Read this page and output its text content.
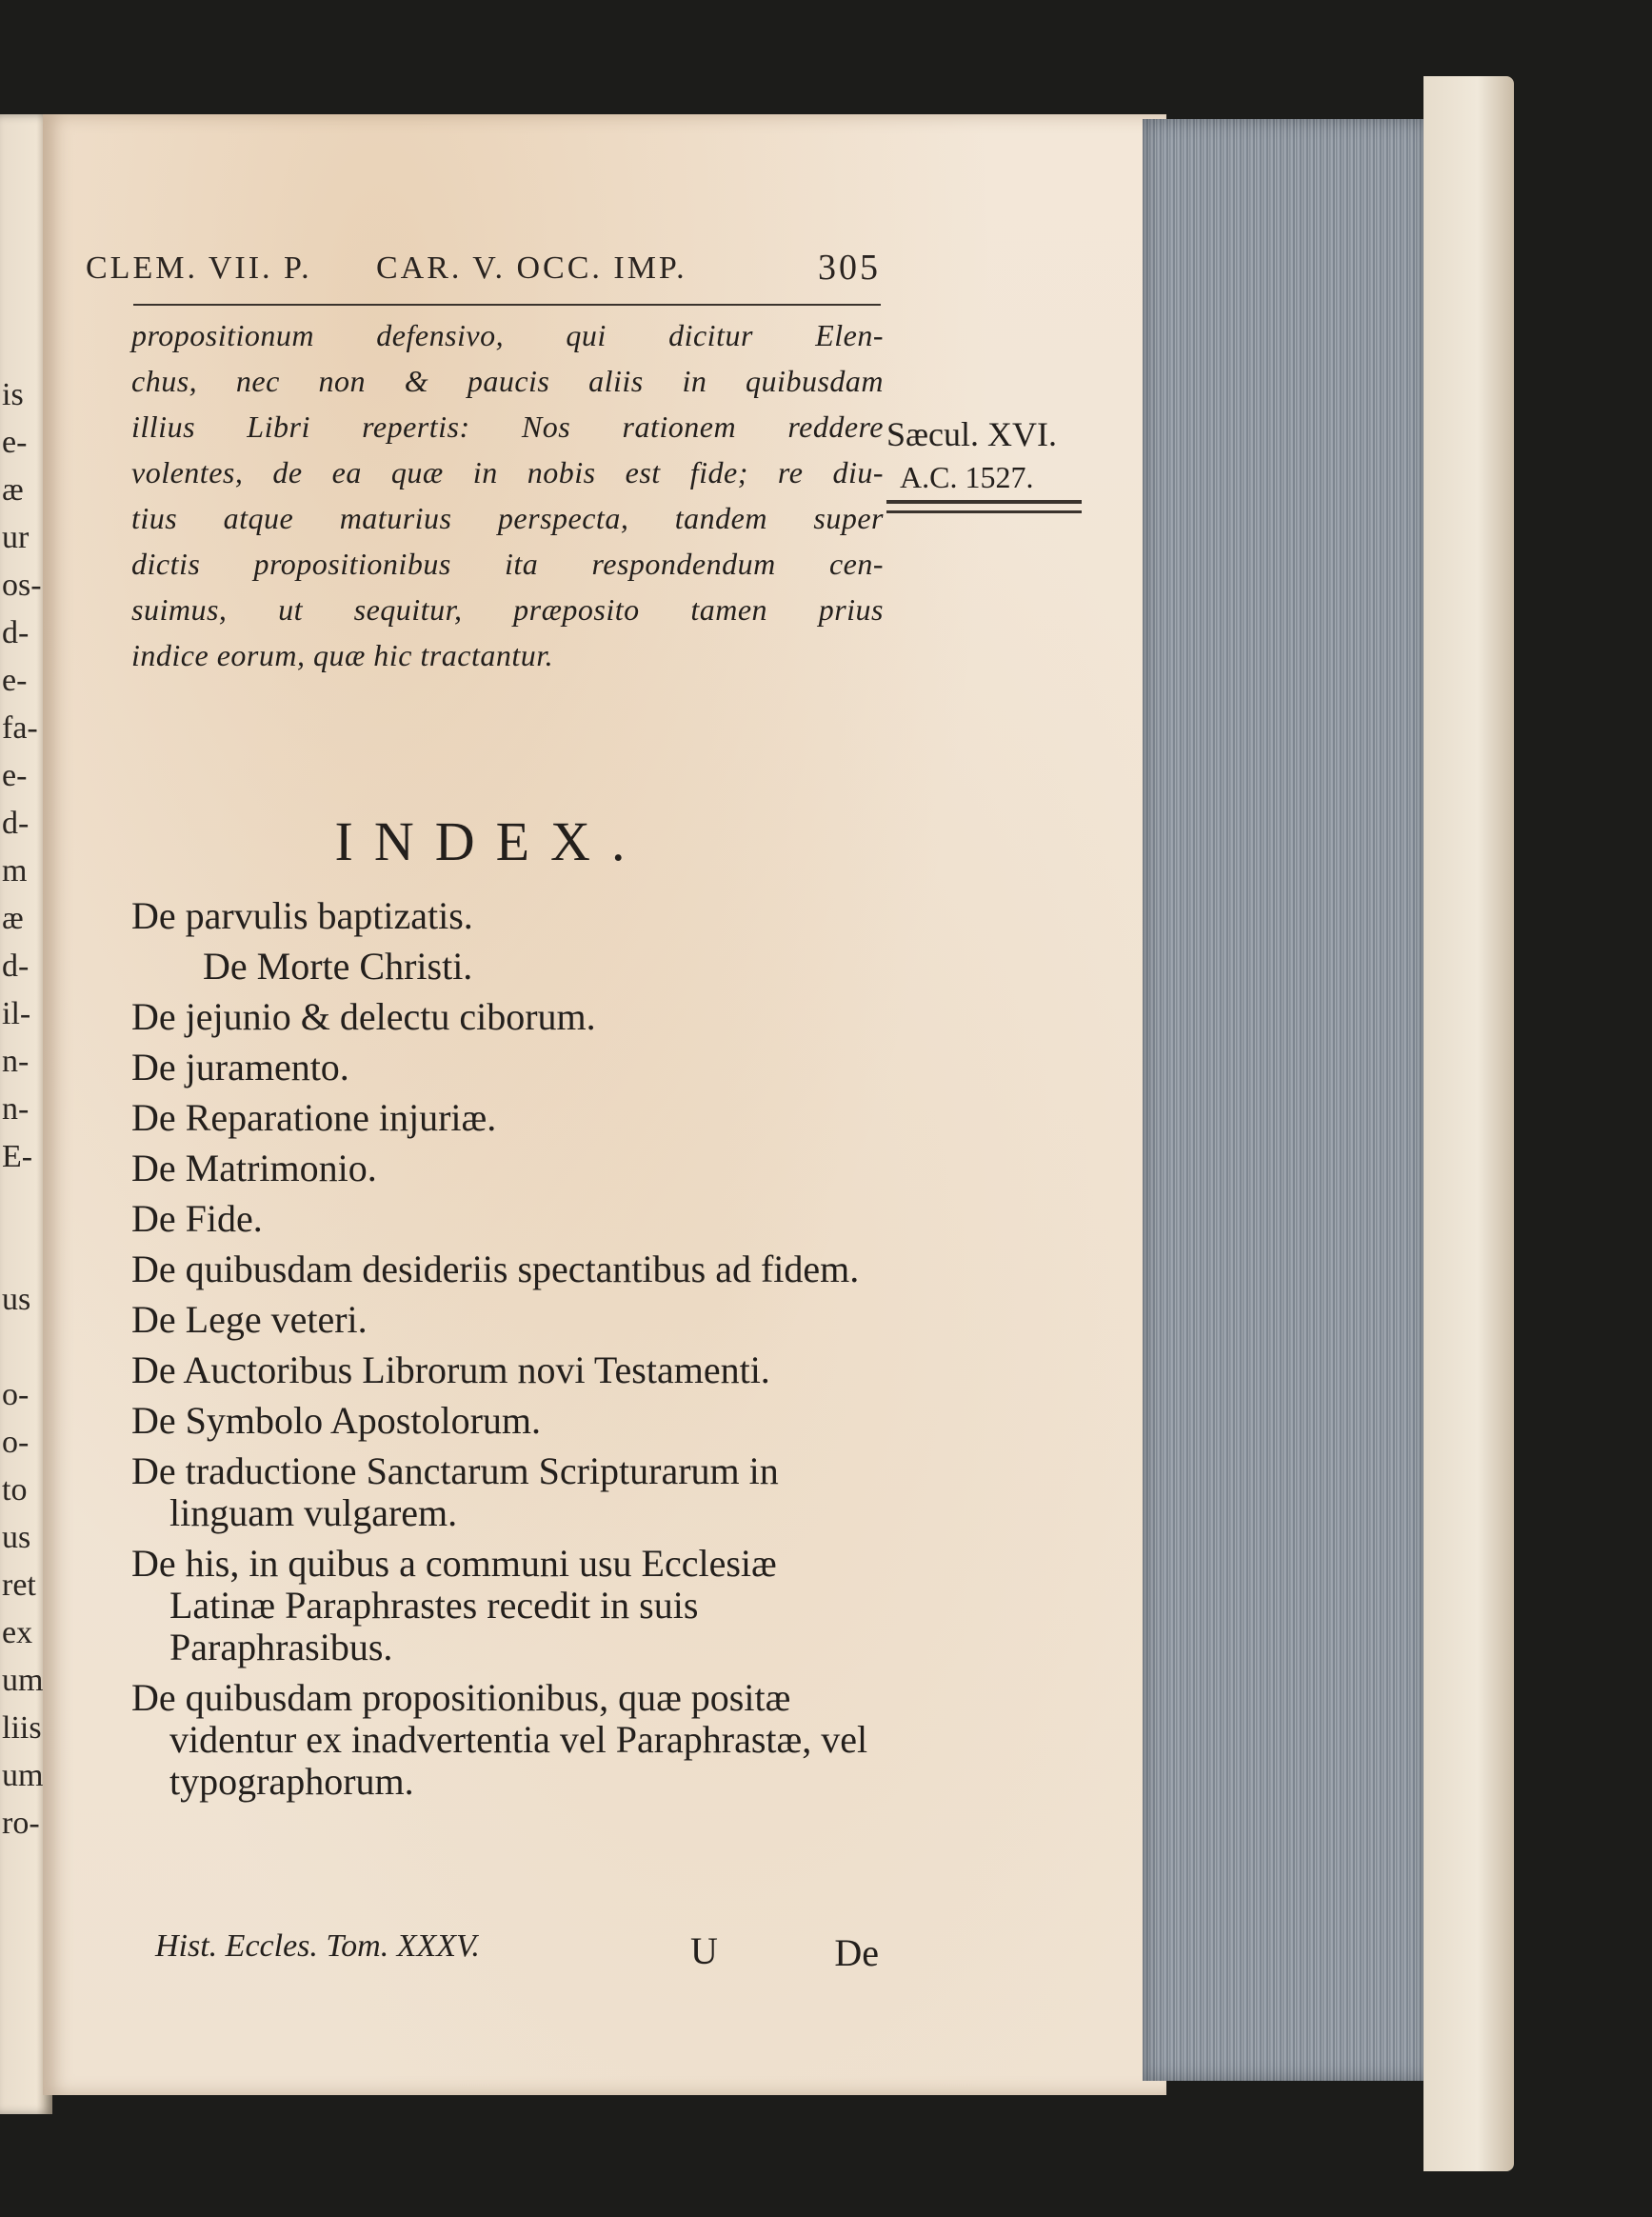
is
e-
æ
ur
os-
d-
e-
fa-
e-
d-
m
æ
d-
il-
n-
n-
E-
us
o-
o-
to
us
ret
ex
um
liis
um
ro-
CLEM. VII. P. CAR. V. OCC. IMP.	305
propositionum defensivo, qui dicitur Elen-
chus, nec non & paucis aliis in quibusdam
illius Libri repertis: Nos rationem reddere
volentes, de ea quæ in nobis est fide; re diu-
tius atque maturius perspecta, tandem super
dictis propositionibus ita respondendum cen-
suimus, ut sequitur, præposito tamen prius
indice eorum, quæ hic tractantur.
Sæcul. XVI.
A.C. 1527.
INDEX.
De parvulis baptizatis.
De Morte Christi.
De jejunio & delectu ciborum.
De juramento.
De Reparatione injuriæ.
De Matrimonio.
De Fide.
De quibusdam desideriis spectantibus ad fidem.
De Lege veteri.
De Auctoribus Librorum novi Testamenti.
De Symbolo Apostolorum.
De traductione Sanctarum Scripturarum in linguam vulgarem.
De his, in quibus a communi usu Ecclesiæ Latinæ Paraphrastes recedit in suis Paraphrasibus.
De quibusdam propositionibus, quæ positæ videntur ex inadvertentia vel Paraphrastæ, vel typographorum.
Hist. Eccles. Tom. XXXV.	U	De
